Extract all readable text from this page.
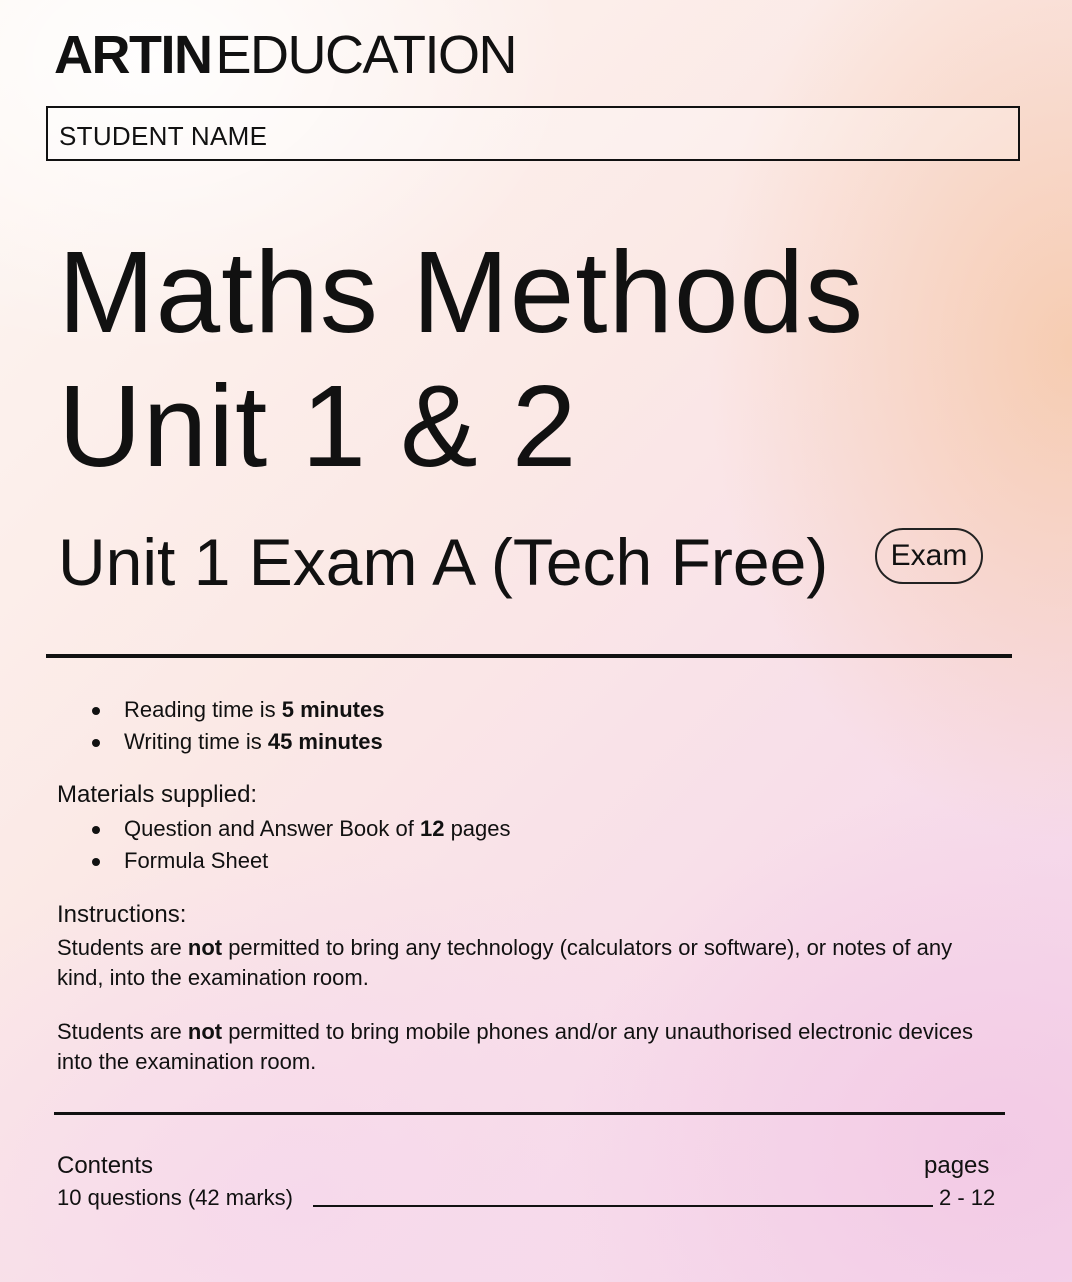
ARTINEDUCATION
STUDENT NAME
Maths Methods
Unit 1 & 2
Unit 1 Exam A (Tech Free)	Exam
Reading time is 5 minutes
Writing time is 45 minutes
Materials supplied:
Question and Answer Book of 12 pages
Formula Sheet
Instructions:
Students are not permitted to bring any technology (calculators or software), or notes of any kind, into the examination room.
Students are not permitted to bring mobile phones and/or any unauthorised electronic devices into the examination room.
Contents	pages
10 questions (42 marks)	2 - 12
